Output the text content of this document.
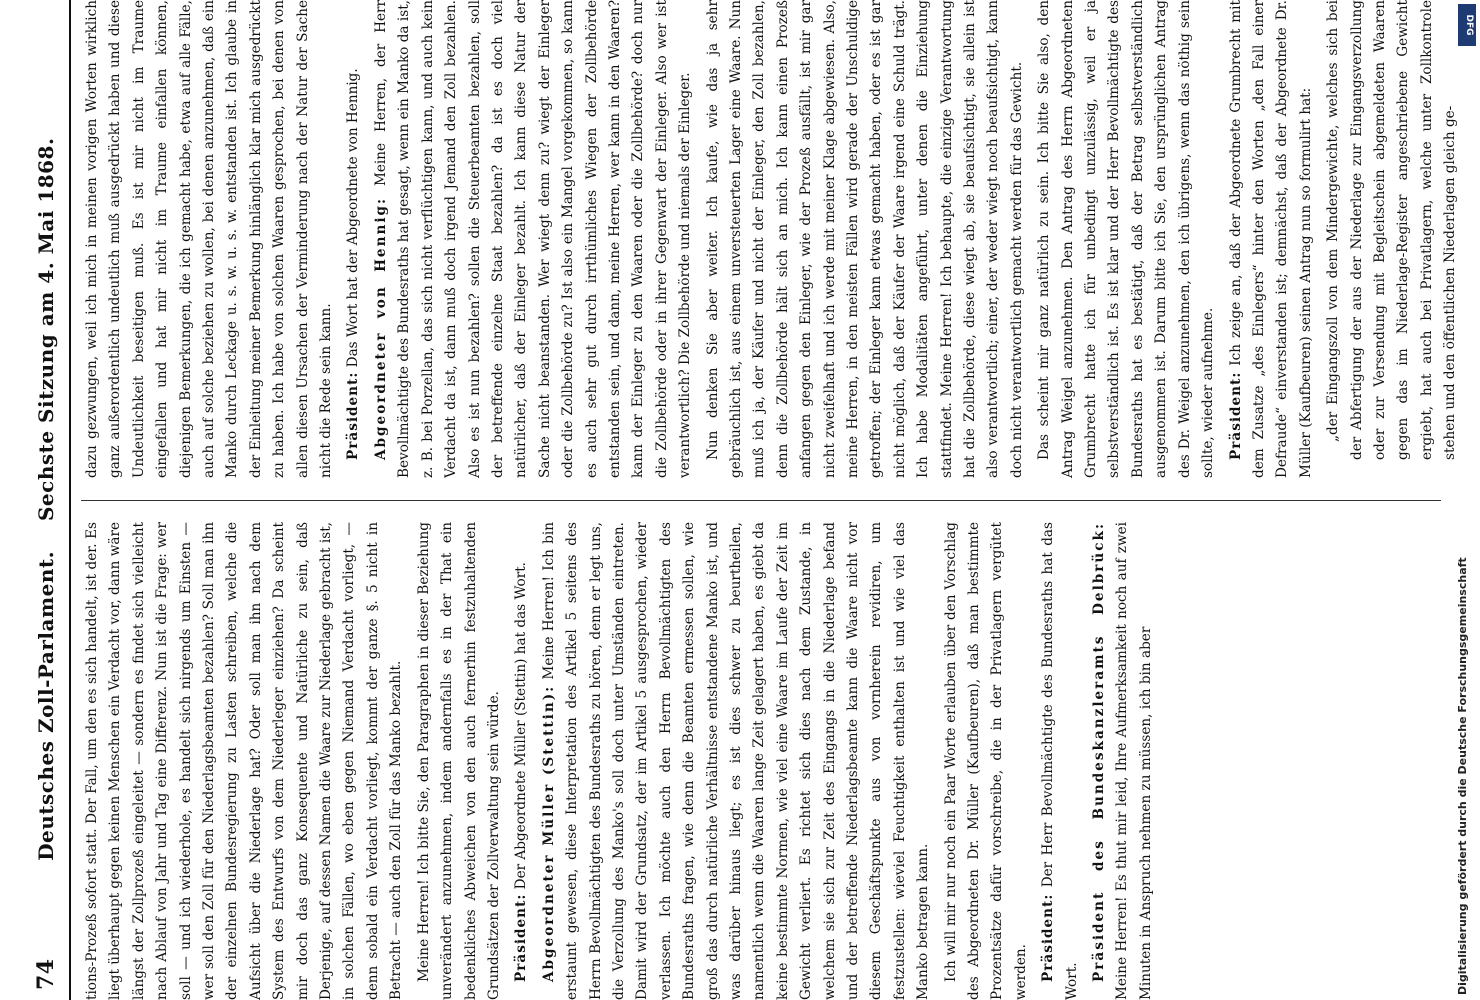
74
Deutsches Zoll-Parlament.    Sechste Sitzung am 4. Mai 1868.

tions-Prozeß sofort statt. Der Fall, um den es sich handelt, ist der. Es liegt überhaupt gegen keinen Menschen ein Verdacht vor, dann wäre längst der Zollprozeß eingeleitet — sondern es findet sich vielleicht nach Ablauf von Jahr und Tag eine Differenz. Nun ist die Frage: wer soll — und ich wiederhole, es handelt sich nirgends um Einsten — wer soll den Zoll für den Niederlagsbeamten bezahlen? Soll man ihn der einzelnen Bundesregierung zu Lasten schreiben, welche die Aufsicht über die Niederlage hat? Oder soll man ihn nach dem System des Entwurfs von dem Niederleger einziehen? Da scheint mir doch das ganz Konsequente und Natürliche zu sein, daß Derjenige, auf dessen Namen die Waare zur Niederlage gebracht ist, in solchen Fällen, wo eben gegen Niemand Verdacht vorliegt, — denn sobald ein Verdacht vorliegt, kommt der ganze §. 5 nicht in Betracht — auch den Zoll für das Manko bezahlt. Meine Herren! Ich bitte Sie, den Paragraphen in dieser Beziehung unverändert anzunehmen, indem andernfalls es in der That ein bedenkliches Abweichen von den auch fernerhin festzuhaltenden Grundsätzen der Zollverwaltung sein würde. Präsident: Der Abgeordnete Müller (Stettin) hat das Wort. Abgeordneter Müller (Stettin): Meine Herren! Ich bin erstaunt gewesen, diese Interpretation des Artikel 5 seitens des Herrn Bevollmächtigten des Bundesraths zu hören, denn er legt uns, die Verzollung des Manko's soll doch unter Umständen eintreten. Damit wird der Grundsatz, der im Artikel 5 ausgesprochen, wieder verlassen. Ich möchte auch den Herrn Bevollmächtigten des Bundesraths fragen, wie denn die Beamten ermessen sollen, wie groß das durch natürliche Verhältnisse entstandene Manko ist, und was darüber hinaus liegt; es ist dies schwer zu beurtheilen, namentlich wenn die Waaren lange Zeit gelagert haben, es giebt da keine bestimmte Normen, wie viel eine Waare im Laufe der Zeit im Gewicht verliert. Es richtet sich dies nach dem Zustande, in welchem sie sich zur Zeit des Eingangs in die Niederlage befand und der betreffende Niederlagsbeamte kann die Waare nicht vor diesem Geschäftspunkte aus von vornherein revidiren, um festzustellen: wieviel Feuchtigkeit enthalten ist und wie viel das Manko betragen kann. Ich will mir nur noch ein Paar Worte erlauben über den Vorschlag des Abgeordneten Dr. Müller (Kaufbeuren), daß man bestimmte Prozentsätze dafür vorschreibe, die in der Privatlagern vergütet werden. Präsident: Der Herr Bevollmächtigte des Bundesraths hat das Wort. Präsident des Bundeskanzleramts Delbrück: Meine Herren! Es thut mir leid, Ihre Aufmerksamkeit noch auf zwei Minuten in Anspruch nehmen zu müssen, ich bin aber

dazu gezwungen, weil ich mich in meinen vorigen Worten wirklich ganz außerordentlich undeutlich muß ausgedrückt haben und diese Undeutlichkeit beseitigen muß. Es ist mir nicht im Traume eingefallen und hat mir nicht im Traume einfallen können, diejenigen Bemerkungen, die ich gemacht habe, etwa auf alle Fälle, auch auf solche beziehen zu wollen, bei denen anzunehmen, daß ein Manko durch Leckage u. s. w. u. s. w. entstanden ist. Ich glaube in der Einleitung meiner Bemerkung hinlänglich klar mich ausgedrückt zu haben. Ich habe von solchen Waaren gesprochen, bei denen von allen diesen Ursachen der Verminderung nach der Natur der Sache nicht die Rede sein kann. Präsident: Das Wort hat der Abgeordnete von Hennig. Abgeordneter von Hennig: Meine Herren, der Herr Bevollmächtigte des Bundesraths hat gesagt, wenn ein Manko da ist, z. B. bei Porzellan, das sich nicht verflüchtigen kann, und auch kein Verdacht da ist, dann muß doch irgend Jemand den Zoll bezahlen. Also es ist nun bezahlen? sollen die Steuerbeamten bezahlen, soll der betreffende einzelne Staat bezahlen? da ist es doch viel natürlicher, daß der Einleger bezahlt. Ich kann diese Natur der Sache nicht beanstanden. Wer wiegt denn zu? wiegt der Einleger oder die Zollbehörde zu? Ist also ein Mangel vorgekommen, so kann es auch sehr gut durch irrthümliches Wiegen der Zollbehörde entstanden sein, und dann, meine Herren, wer kann in den Waaren? kann der Einleger zu den Waaren oder die Zollbehörde? doch nur die Zollbehörde oder in ihrer Gegenwart der Einleger. Also wer ist verantwortlich? Die Zollbehörde und niemals der Einleger. Nun denken Sie aber weiter. Ich kaufe, wie das ja sehr gebräuchlich ist, aus einem unversteuerten Lager eine Waare. Nun muß ich ja, der Käufer und nicht der Einleger, den Zoll bezahlen, denn die Zollbehörde hält sich an mich. Ich kann einen Prozeß anfangen gegen den Einleger, wie der Prozeß ausfällt, ist mir gar nicht zweifelhaft und ich werde mit meiner Klage abgewiesen. Also, meine Herren, in den meisten Fällen wird gerade der Unschuldige getroffen; der Einleger kann etwas gemacht haben, oder es ist gar nicht möglich, daß der Käufer der Waare irgend eine Schuld trägt. Ich habe Modalitäten angeführt, unter denen die Einziehung stattfindet. Meine Herren! Ich behaupte, die einzige Verantwortung hat die Zollbehörde, diese wiegt ab, sie beaufsichtigt, sie allein ist also verantwortlich; einer, der weder wiegt noch beaufsichtigt, kann doch nicht verantwortlich gemacht werden für das Gewicht. Das scheint mir ganz natürlich zu sein. Ich bitte Sie also, den Antrag Weigel anzunehmen. Den Antrag des Herrn Abgeordneten Grumbrecht hatte ich für unbedingt unzulässig, weil er ja selbstverständlich ist. Es ist klar und der Herr Bevollmächtigte des Bundesraths hat es bestätigt, daß der Betrag selbstverständlich ausgenommen ist. Darum bitte ich Sie, den ursprünglichen Antrag des Dr. Weigel anzunehmen, den ich übrigens, wenn das nöthig sein sollte, wieder aufnehme. Präsident: Ich zeige an, daß der Abgeordnete Grumbrecht mit dem Zusatze „des Einlegers“ hinter den Worten „den Fall einer Defraude“ einverstanden ist; demnächst, daß der Abgeordnete Dr. Müller (Kaufbeuren) seinen Antrag nun so formulirt hat: „der Eingangszoll von dem Mindergewichte, welches sich bei der Abfertigung der aus der Niederlage zur Eingangsverzollung oder zur Versendung mit Begleitschein abgemeldeten Waaren gegen das im Niederlage-Register angeschriebene Gewicht ergiebt, hat auch bei Privatlagern, welche unter Zollkontrole stehen und den öffentlichen Niederlagen gleich ge-

DFG
Digitalisierung gefördert durch die Deutsche Forschungsgemeinschaft
